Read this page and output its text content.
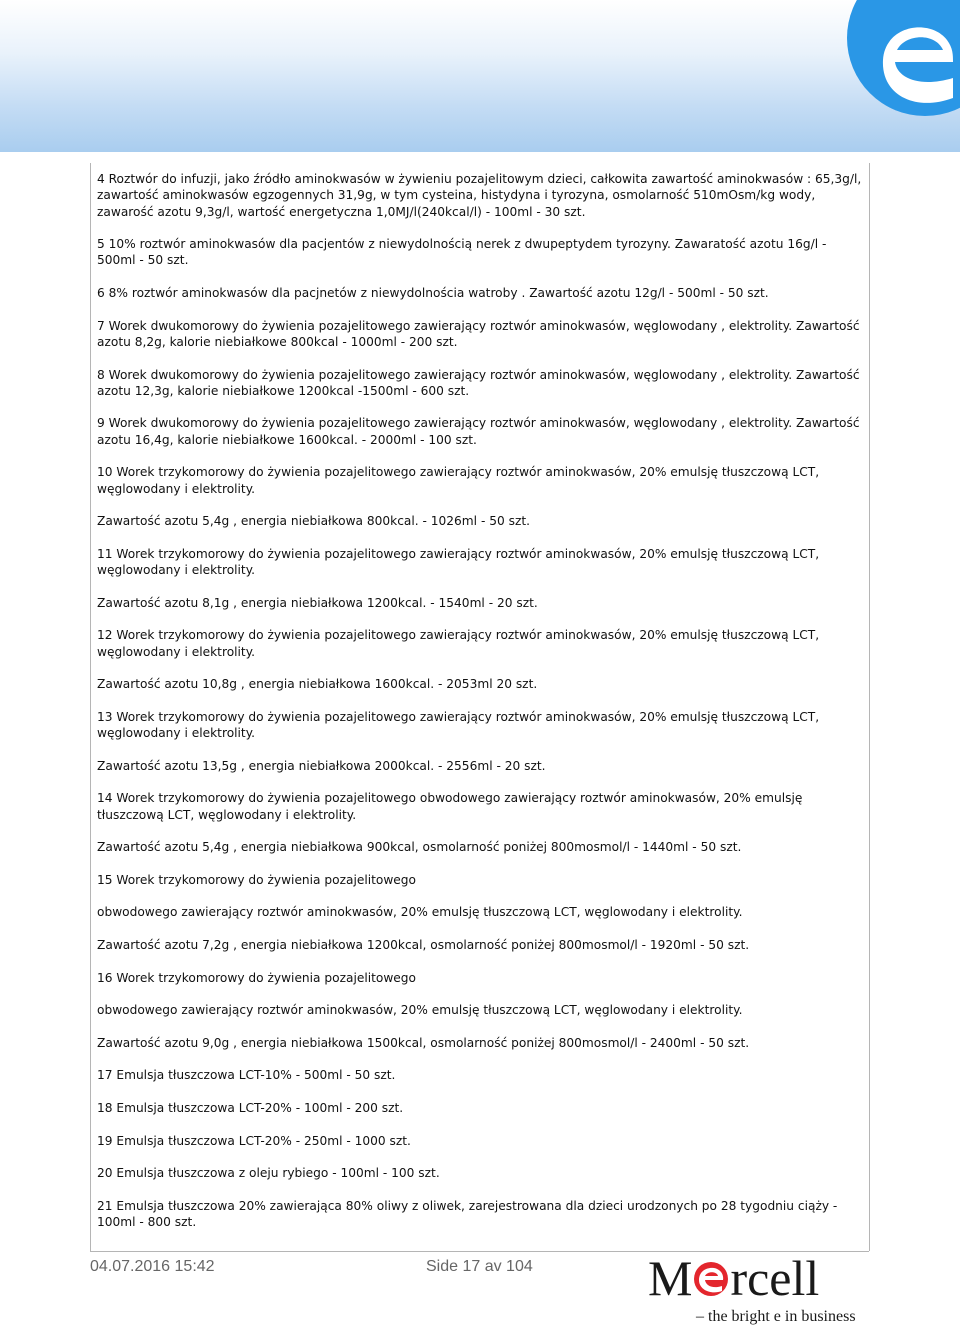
4 Roztwór do infuzji, jako źródło aminokwasów w żywieniu pozajelitowym dzieci, całkowita zawartość aminokwasów : 65,3g/l, zawartość aminokwasów egzogennych 31,9g, w tym cysteina, histydyna i tyrozyna, osmolarność 510mOsm/kg wody, zawarość azotu 9,3g/l, wartość energetyczna 1,0MJ/l(240kcal/l) - 100ml - 30 szt.

5 10% roztwór aminokwasów dla pacjentów z niewydolnością nerek z dwupeptydem tyrozyny. Zawaratość azotu 16g/l - 500ml - 50 szt.

6 8% roztwór aminokwasów dla pacjnetów z niewydolnościa watroby . Zawartość azotu 12g/l - 500ml - 50 szt.

7 Worek dwukomorowy do żywienia pozajelitowego zawierający roztwór aminokwasów, węglowodany , elektrolity. Zawartość azotu 8,2g, kalorie niebiałkowe 800kcal - 1000ml - 200 szt.

8 Worek dwukomorowy do żywienia pozajelitowego zawierający roztwór aminokwasów, węglowodany , elektrolity. Zawartość azotu 12,3g, kalorie niebiałkowe 1200kcal -1500ml - 600 szt.

9 Worek dwukomorowy do żywienia pozajelitowego zawierający roztwór aminokwasów, węglowodany , elektrolity. Zawartość azotu 16,4g, kalorie niebiałkowe 1600kcal. - 2000ml - 100 szt.

10 Worek trzykomorowy do żywienia pozajelitowego zawierający roztwór aminokwasów, 20% emulsję tłuszczową LCT, węglowodany i elektrolity.

Zawartość azotu 5,4g , energia niebiałkowa 800kcal. - 1026ml - 50 szt.

11 Worek trzykomorowy do żywienia pozajelitowego zawierający roztwór aminokwasów, 20% emulsję tłuszczową LCT, węglowodany i elektrolity.

Zawartość azotu 8,1g , energia niebiałkowa 1200kcal. - 1540ml - 20 szt.

12 Worek trzykomorowy do żywienia pozajelitowego zawierający roztwór aminokwasów, 20% emulsję tłuszczową LCT, węglowodany i elektrolity.

Zawartość azotu 10,8g , energia niebiałkowa 1600kcal. - 2053ml 20 szt.

13 Worek trzykomorowy do żywienia pozajelitowego zawierający roztwór aminokwasów, 20% emulsję tłuszczową LCT, węglowodany i elektrolity.

Zawartość azotu 13,5g , energia niebiałkowa 2000kcal. - 2556ml - 20 szt.

14 Worek trzykomorowy do żywienia pozajelitowego obwodowego zawierający roztwór aminokwasów, 20% emulsję tłuszczową LCT, węglowodany i elektrolity.

Zawartość azotu 5,4g , energia niebiałkowa 900kcal, osmolarność poniżej 800mosmol/l - 1440ml - 50 szt.

15 Worek trzykomorowy do żywienia pozajelitowego

obwodowego zawierający roztwór aminokwasów, 20% emulsję tłuszczową LCT, węglowodany i elektrolity.

Zawartość azotu 7,2g , energia niebiałkowa 1200kcal, osmolarność poniżej 800mosmol/l - 1920ml - 50 szt.

16 Worek trzykomorowy do żywienia pozajelitowego

obwodowego zawierający roztwór aminokwasów, 20% emulsję tłuszczową LCT, węglowodany i elektrolity.

Zawartość azotu 9,0g , energia niebiałkowa 1500kcal, osmolarność poniżej 800mosmol/l - 2400ml - 50 szt.

17 Emulsja tłuszczowa LCT-10% - 500ml - 50 szt.

18 Emulsja tłuszczowa LCT-20% - 100ml - 200 szt.

19 Emulsja tłuszczowa LCT-20% - 250ml - 1000 szt.

20 Emulsja tłuszczowa z oleju rybiego - 100ml - 100 szt.

21 Emulsja tłuszczowa 20% zawierająca 80% oliwy z oliwek, zarejestrowana dla dzieci urodzonych po 28 tygodniu ciąży - 100ml - 800 szt.

04.07.2016 15:42	Side 17 av 104 M rcell
– the bright e in business
